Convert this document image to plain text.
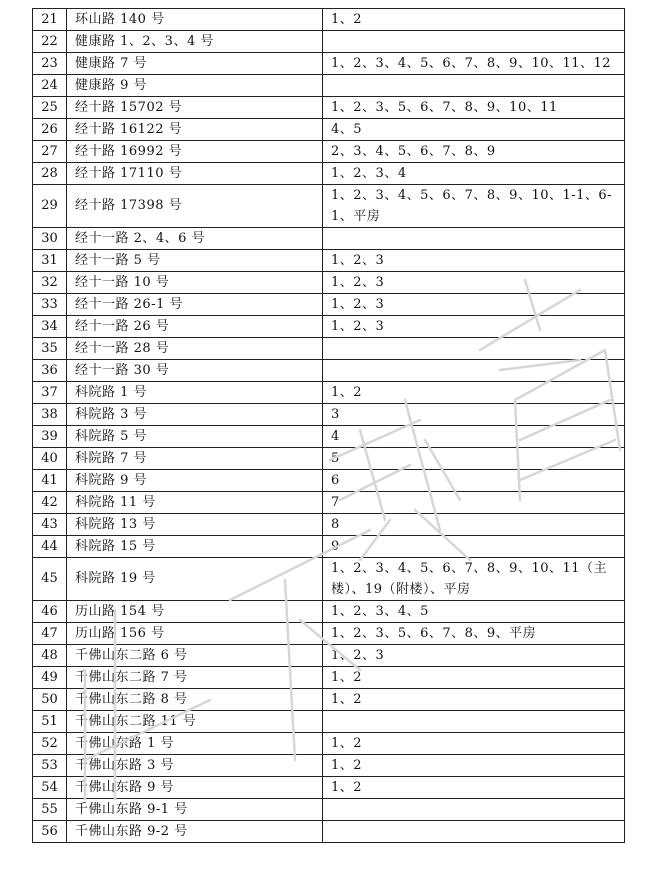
21	环山路 140 号	1、2
22	健康路 1、2、3、4 号	
23	健康路 7 号	1、2、3、4、5、6、7、8、9、10、11、12
24	健康路 9 号	
25	经十路 15702 号	1、2、3、5、6、7、8、9、10、11
26	经十路 16122 号	4、5
27	经十路 16992 号	2、3、4、5、6、7、8、9
28	经十路 17110 号	1、2、3、4
29	经十路 17398 号	1、2、3、4、5、6、7、8、9、10、1-1、6-1、平房
30	经十一路 2、4、6 号	
31	经十一路 5 号	1、2、3
32	经十一路 10 号	1、2、3
33	经十一路 26-1 号	1、2、3
34	经十一路 26 号	1、2、3
35	经十一路 28 号	
36	经十一路 30 号	
37	科院路 1 号	1、2
38	科院路 3 号	3
39	科院路 5 号	4
40	科院路 7 号	5
41	科院路 9 号	6
42	科院路 11 号	7
43	科院路 13 号	8
44	科院路 15 号	9
45	科院路 19 号	1、2、3、4、5、6、7、8、9、10、11（主楼）、19（附楼）、平房
46	历山路 154 号	1、2、3、4、5
47	历山路 156 号	1、2、3、5、6、7、8、9、平房
48	千佛山东二路 6 号	1、2、3
49	千佛山东二路 7 号	1、2
50	千佛山东二路 8 号	1、2
51	千佛山东二路 11 号	
52	千佛山东路 1 号	1、2
53	千佛山东路 3 号	1、2
54	千佛山东路 9 号	1、2
55	千佛山东路 9-1 号	
56	千佛山东路 9-2 号	
